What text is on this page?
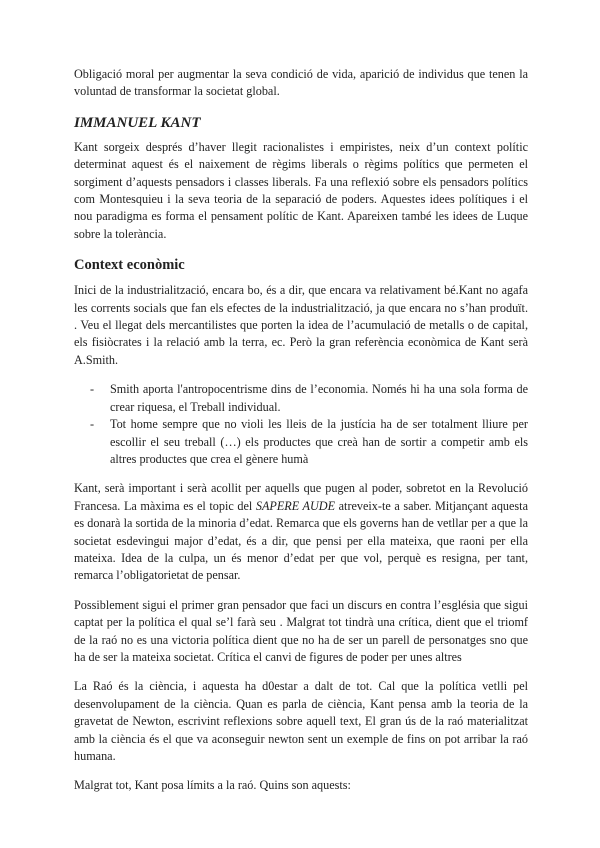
Obligació moral per augmentar la seva condició de vida, aparició de individus que tenen la voluntad de transformar la societat global.

IMMANUEL KANT

Kant sorgeix després d’haver llegit racionalistes i empiristes, neix d’un context polític determinat aquest és el naixement de règims liberals o règims polítics que permeten el sorgiment d’aquests pensadors i classes liberals. Fa una reflexió sobre els pensadors polítics com Montesquieu i la seva teoria de la separació de poders. Aquestes idees polítiques i el nou paradigma es forma el pensament polític de Kant. Apareixen també les idees de Luque sobre la tolerància.

Context econòmic

Inici de la industrialització, encara bo, és a dir, que encara va relativament bé.Kant no agafa les corrents socials que fan els efectes de la industrialització, ja que encara no s’han produït. . Veu el llegat dels mercantilistes que porten la idea de l’acumulació de metalls o de capital, els fisiòcrates i la relació amb la terra, ec. Però la gran referència econòmica de Kant serà A.Smith.

- Smith aporta l'antropocentrisme dins de l’economia. Només hi ha una sola forma de crear riquesa, el Treball individual.
- Tot home sempre que no violi les lleis de la justícia ha de ser totalment lliure per escollir el seu treball (…) els productes que creà han de sortir a competir amb els altres productes que crea el gènere humà

Kant, serà important i serà acollit per aquells que pugen al poder, sobretot en la Revolució Francesa. La màxima es el topic del SAPERE AUDE atreveix-te a saber. Mitjançant aquesta es donarà la sortida de la minoria d’edat. Remarca que els governs han de vetllar per a que la societat esdevingui major d’edat, és a dir, que pensi per ella mateixa, que raoni per ella mateixa. Idea de la culpa, un és menor d’edat per que vol, perquè es resigna, per tant, remarca l’obligatorietat de pensar.

Possiblement sigui el primer gran pensador que faci un discurs en contra l’església que sigui captat per la política el qual se’l farà seu . Malgrat tot tindrà una crítica, dient que el triomf de la raó no es una victoria política dient que no ha de ser un parell de personatges sno que ha de ser la mateixa societat. Crítica el canvi de figures de poder per unes altres

La Raó és la ciència, i aquesta ha d0estar a dalt de tot. Cal que la política vetlli pel desenvolupament de la ciència. Quan es parla de ciència, Kant pensa amb la teoria de la gravetat de Newton, escrivint reflexions sobre aquell text, El gran ús de la raó materialitzat amb la ciència és el que va aconseguir newton sent un exemple de fins on pot arribar la raó humana.

Malgrat tot, Kant posa límits a la raó. Quins son aquests:
